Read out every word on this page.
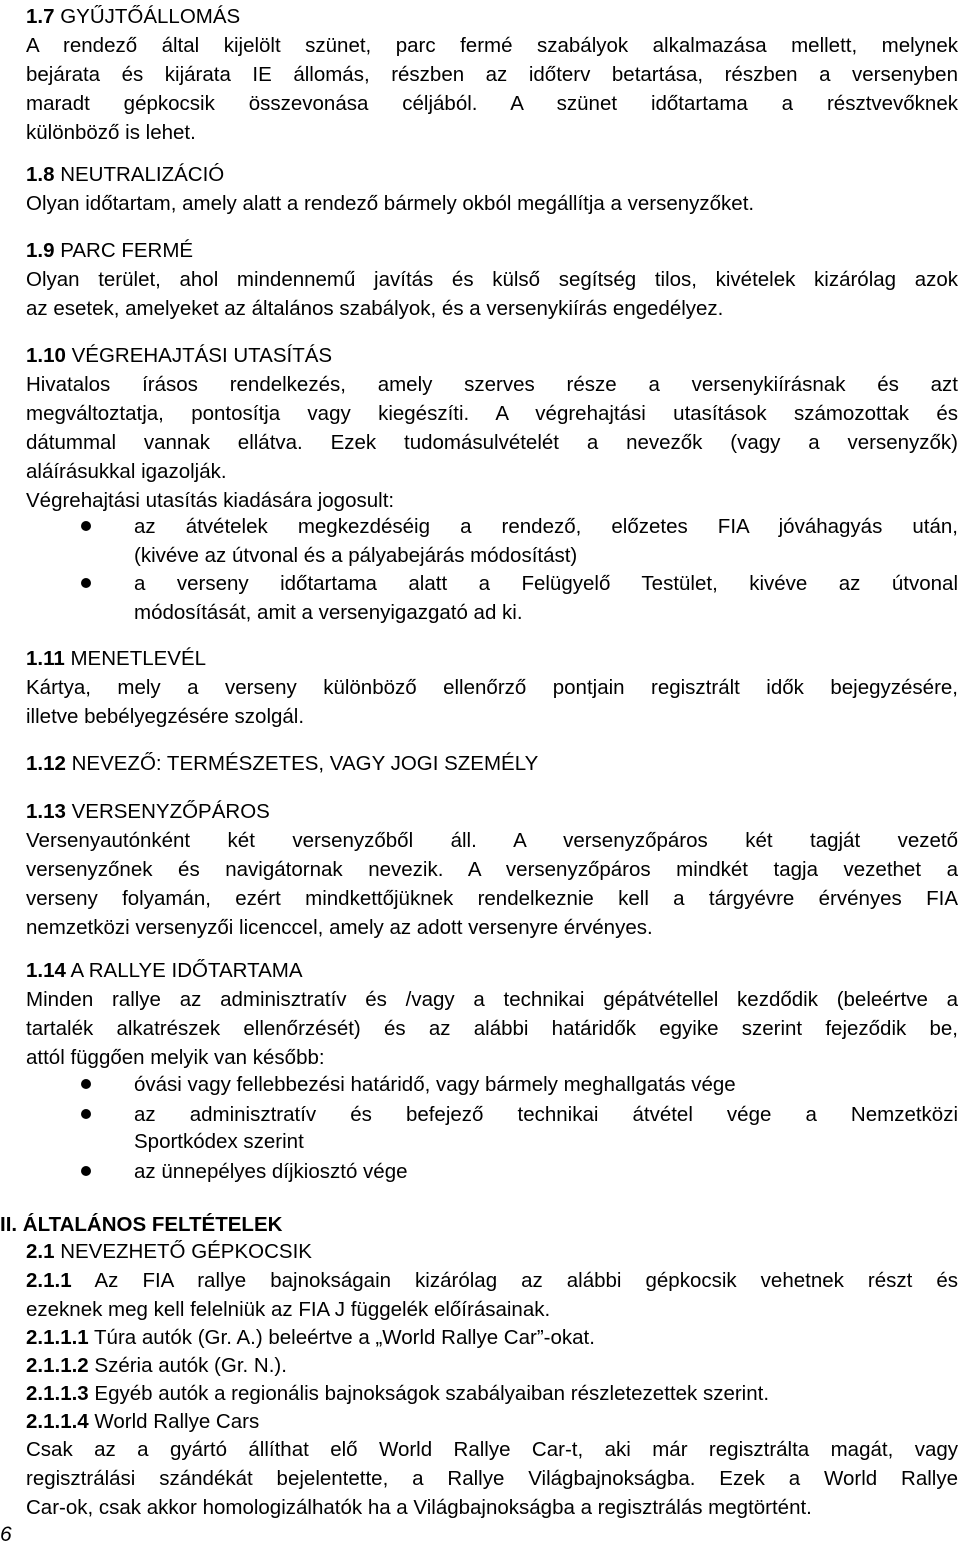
1.7 GYŰJTŐÁLLOMÁS
A rendező által kijelölt szünet, parc fermé szabályok alkalmazása mellett, melynek
bejárata és kijárata IE állomás, részben az időterv betartása, részben a versenyben
maradt gépkocsik összevonása céljából. A szünet időtartama a résztvevőknek
különböző is lehet.
1.8 NEUTRALIZÁCIÓ
Olyan időtartam, amely alatt a rendező bármely okból megállítja a versenyzőket.
1.9 PARC FERMÉ
Olyan terület, ahol mindennemű javítás és külső segítség tilos, kivételek kizárólag azok
az esetek, amelyeket az általános szabályok, és a versenykiírás engedélyez.
1.10 VÉGREHAJTÁSI UTASÍTÁS
Hivatalos írásos rendelkezés, amely szerves része a versenykiírásnak és azt
megváltoztatja, pontosítja vagy kiegészíti. A végrehajtási utasítások számozottak és
dátummal vannak ellátva. Ezek tudomásulvételét a nevezők (vagy a versenyzők)
aláírásukkal igazolják.
Végrehajtási utasítás kiadására jogosult:
az átvételek megkezdéséig a rendező, előzetes FIA jóváhagyás után,
(kivéve az útvonal és a pályabejárás módosítást)
a verseny időtartama alatt a Felügyelő Testület, kivéve az útvonal
módosítását, amit a versenyigazgató ad ki.
1.11 MENETLEVÉL
Kártya, mely a verseny különböző ellenőrző pontjain regisztrált idők bejegyzésére,
illetve bebélyegzésére szolgál.
1.12 NEVEZŐ: TERMÉSZETES, VAGY JOGI SZEMÉLY
1.13 VERSENYZŐPÁROS
Versenyautónként két versenyzőből áll. A versenyzőpáros két tagját vezető
versenyzőnek és navigátornak nevezik. A versenyzőpáros mindkét tagja vezethet a
verseny folyamán, ezért mindkettőjüknek rendelkeznie kell a tárgyévre érvényes FIA
nemzetközi versenyzői licenccel, amely az adott versenyre érvényes.
1.14 A RALLYE IDŐTARTAMA
Minden rallye az adminisztratív és /vagy a technikai gépátvétellel kezdődik (beleértve a
tartalék alkatrészek ellenőrzését) és az alábbi határidők egyike szerint fejeződik be,
attól függően melyik van később:
óvási vagy fellebbezési határidő, vagy bármely meghallgatás vége
az adminisztratív és befejező technikai átvétel vége a Nemzetközi
Sportkódex szerint
az ünnepélyes díjkiosztó vége
II. ÁLTALÁNOS FELTÉTELEK
2.1 NEVEZHETŐ GÉPKOCSIK
2.1.1 Az FIA rallye bajnokságain kizárólag az alábbi gépkocsik vehetnek részt és
ezeknek meg kell felelniük az FIA J függelék előírásainak.
2.1.1.1 Túra autók (Gr. A.) beleértve a „World Rallye Car”-okat.
2.1.1.2 Széria autók (Gr. N.).
2.1.1.3 Egyéb autók a regionális bajnokságok szabályaiban részletezettek szerint.
2.1.1.4 World Rallye Cars
Csak az a gyártó állíthat elő World Rallye Car-t, aki már regisztrálta magát, vagy
regisztrálási szándékát bejelentette, a Rallye Világbajnokságba. Ezek a World Rallye
Car-ok, csak akkor homologizálhatók ha a Világbajnokságba a regisztrálás megtörtént.
6
